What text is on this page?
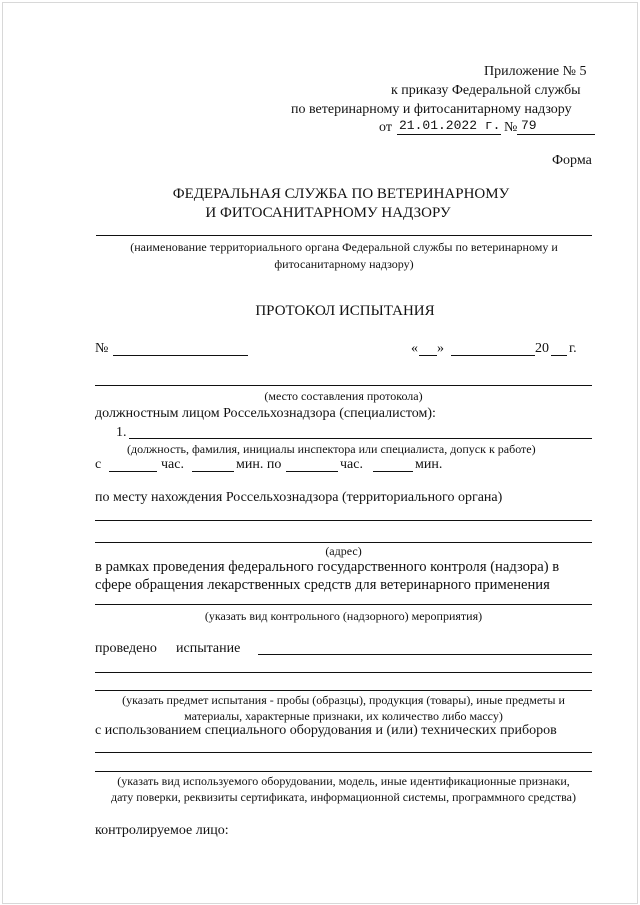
Приложение № 5
к приказу Федеральной службы
по ветеринарному и фитосанитарному надзору
от 21.01.2022 г. № 79
Форма
ФЕДЕРАЛЬНАЯ СЛУЖБА ПО ВЕТЕРИНАРНОМУ
И ФИТОСАНИТАРНОМУ НАДЗОРУ
(наименование территориального органа Федеральной службы по ветеринарному и
фитосанитарному надзору)
ПРОТОКОЛ ИСПЫТАНИЯ
№	« »	20 г.
(место составления протокола)
должностным лицом Россельхознадзора (специалистом):
1.
(должность, фамилия, инициалы инспектора или специалиста, допуск к работе)
с	час.	мин. по	час.	мин.
по месту нахождения Россельхознадзора (территориального органа)
(адрес)
в рамках проведения федерального государственного контроля (надзора) в
сфере обращения лекарственных средств для ветеринарного применения
(указать вид контрольного (надзорного) мероприятия)
проведено испытание
(указать предмет испытания - пробы (образцы), продукция (товары), иные предметы и
материалы, характерные признаки, их количество либо массу)
с использованием специального оборудования и (или) технических приборов
(указать вид используемого оборудовании, модель, иные идентификационные признаки,
дату поверки, реквизиты сертификата, информационной системы, программного средства)
контролируемое лицо:
